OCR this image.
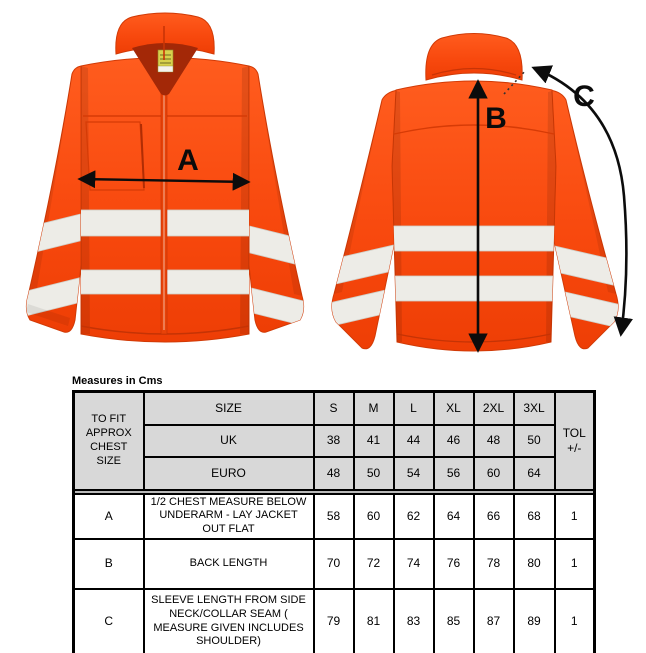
A
B
C
Measures in Cms
TO FIT APPROX CHEST SIZE	SIZE	S	M	L	XL	2XL	3XL	TOL
+/-

	UK	38	41	44	46	48	50	
	EURO	48	50	54	56	60	64	

A	1/2 CHEST MEASURE BELOW UNDERARM - LAY JACKET OUT FLAT	58	60	62	64	66	68	1
B	BACK LENGTH	70	72	74	76	78	80	1
C	SLEEVE LENGTH FROM SIDE NECK/COLLAR SEAM ( MEASURE GIVEN INCLUDES SHOULDER)	79	81	83	85	87	89	1
